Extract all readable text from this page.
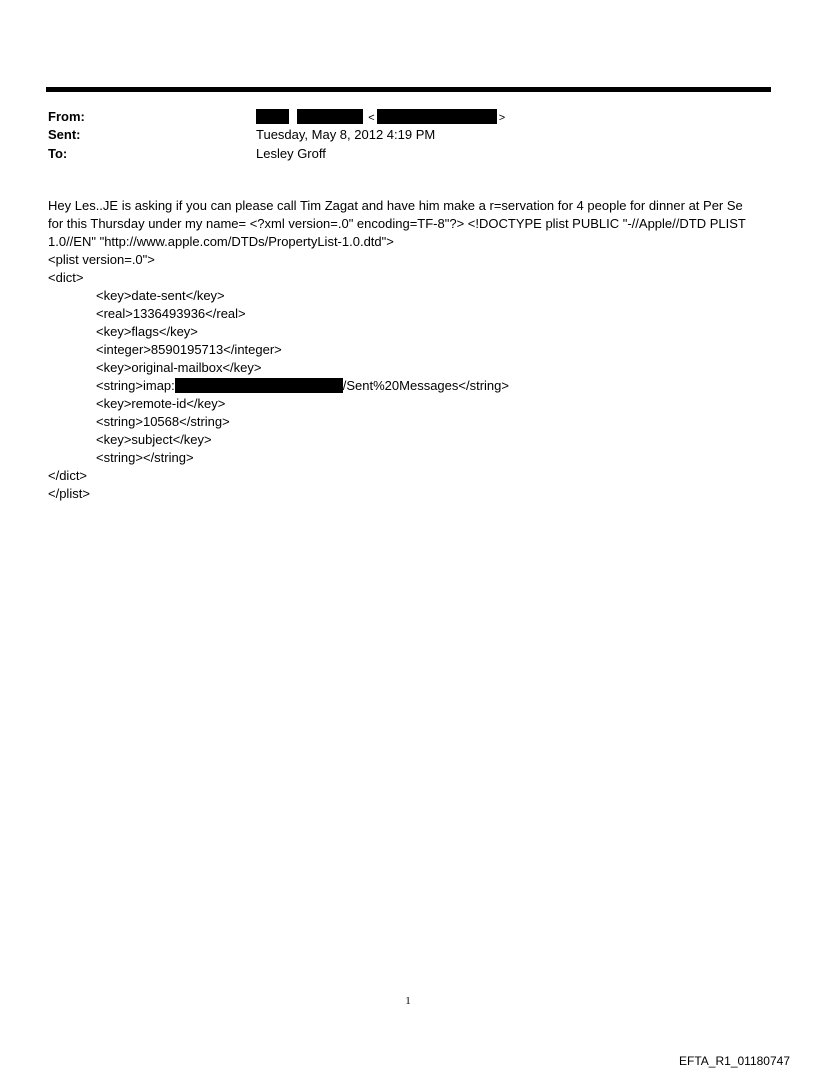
From:	<	>
Sent:	Tuesday, May 8, 2012 4:19 PM
To:	Lesley Groff
Hey Les..JE is asking if you can please call Tim Zagat and have him make a r=servation for 4 people for dinner at Per Se
for this Thursday under my name= <?xml version=.0" encoding=TF-8"?> <!DOCTYPE plist PUBLIC "-//Apple//DTD PLIST
1.0//EN" "http://www.apple.com/DTDs/PropertyList-1.0.dtd">
<plist version=.0">
<dict>
<key>date-sent</key>
<real>1336493936</real>
<key>flags</key>
<integer>8590195713</integer>
<key>original-mailbox</key>
<string>imap:	/Sent%20Messages</string>
<key>remote-id</key>
<string>10568</string>
<key>subject</key>
<string></string>
</dict>
</plist>
1
EFTA_R1_01180747
